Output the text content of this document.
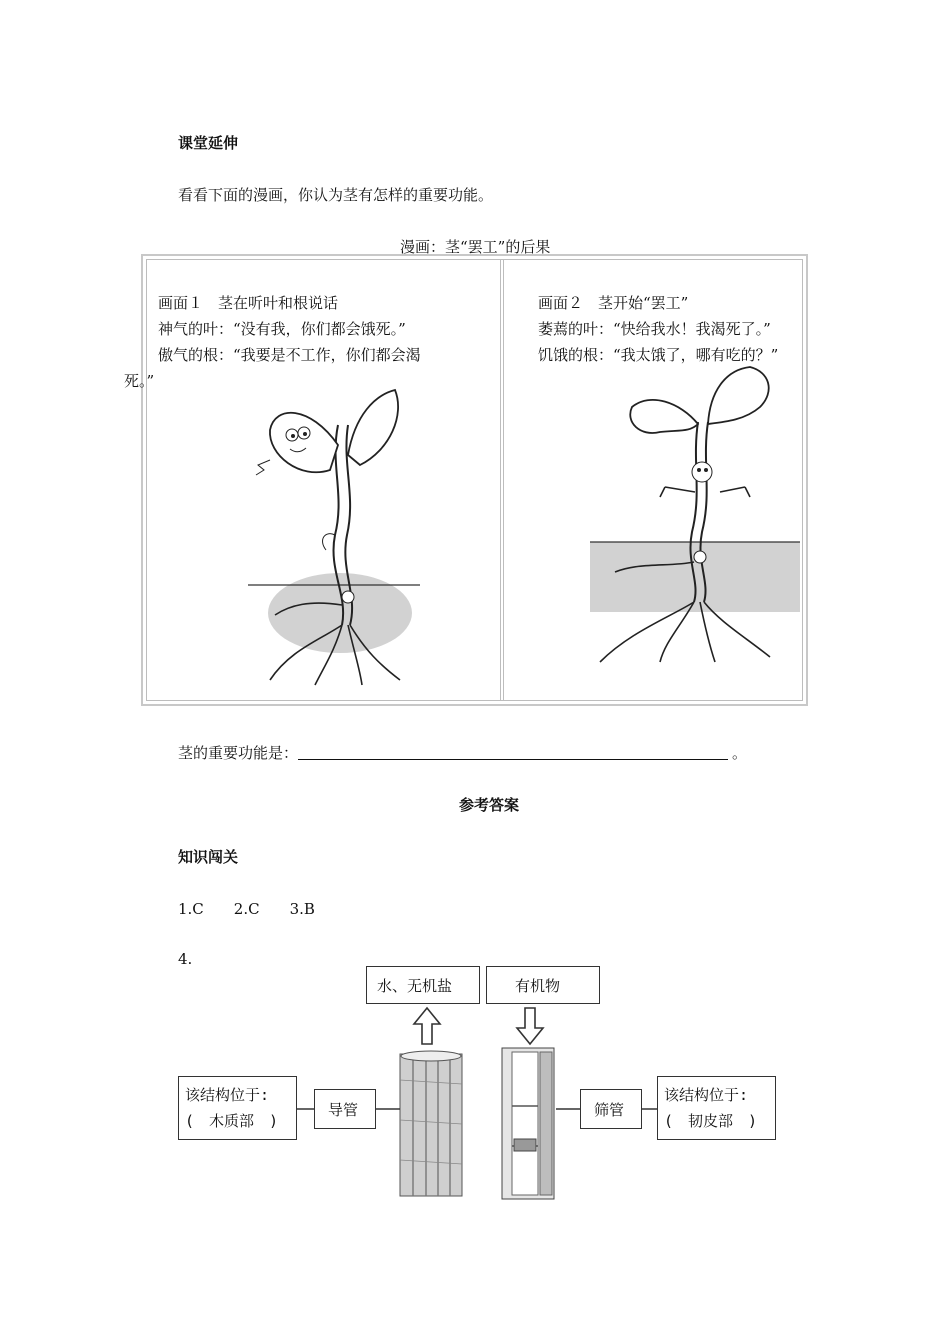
课堂延伸
看看下面的漫画，你认为茎有怎样的重要功能。
漫画：茎“罢工”的后果
画面１　茎在听叶和根说话
神气的叶：“没有我，你们都会饿死。”
傲气的根：“我要是不工作，你们都会渴
死。”
画面２　茎开始“罢工”
萎蔫的叶：“快给我水！我渴死了。”
饥饿的根：“我太饿了，哪有吃的？”
茎的重要功能是：	。
参考答案
知识闯关
1.C　　2.C　　3.B
4.
水、无机盐	有机物
该结构位于:
(　木质部　)
导管	筛管
该结构位于:
(　韧皮部　)
